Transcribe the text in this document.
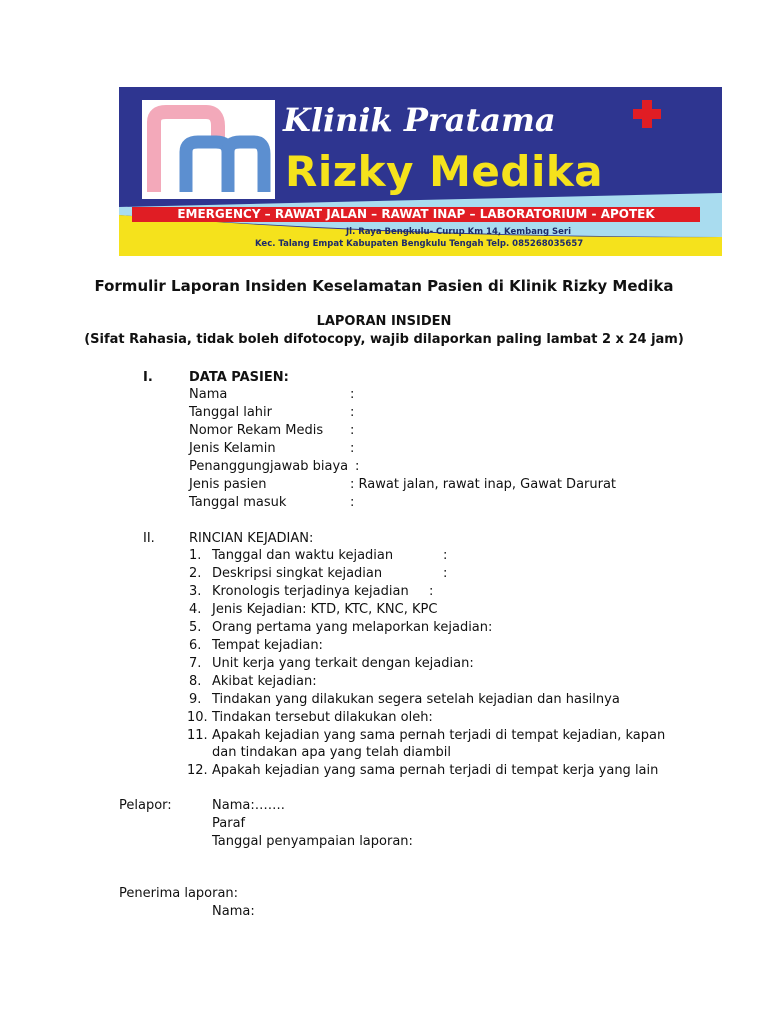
Klinik Pratama
Rizky Medika
EMERGENCY – RAWAT JALAN – RAWAT INAP – LABORATORIUM - APOTEK
Jl. Raya Bengkulu- Curup Km 14, Kembang Seri
Kec. Talang Empat Kabupaten Bengkulu Tengah Telp. 085268035657
Formulir Laporan Insiden Keselamatan Pasien di Klinik Rizky Medika
LAPORAN INSIDEN
(Sifat Rahasia, tidak boleh difotocopy, wajib dilaporkan paling lambat 2 x 24 jam)
I.	DATA PASIEN:
Nama	:
Tanggal lahir	:
Nomor Rekam Medis :
Jenis Kelamin	:
Penanggungjawab biaya :
Jenis pasien	: Rawat jalan, rawat inap, Gawat Darurat
Tanggal masuk	:
II.	RINCIAN KEJADIAN:
1. Tanggal dan waktu kejadian	:
2. Deskripsi singkat kejadian	:
3. Kronologis terjadinya kejadian :
4. Jenis Kejadian: KTD, KTC, KNC, KPC
5. Orang pertama yang melaporkan kejadian:
6. Tempat kejadian:
7. Unit kerja yang terkait dengan kejadian:
8. Akibat kejadian:
9. Tindakan yang dilakukan segera setelah kejadian dan hasilnya
10. Tindakan tersebut dilakukan oleh:
11. Apakah kejadian yang sama pernah terjadi di tempat kejadian, kapan
dan tindakan apa yang telah diambil
12. Apakah kejadian yang sama pernah terjadi di tempat kerja yang lain
Pelapor:	Nama:…….
Paraf
Tanggal penyampaian laporan:
Penerima laporan:
Nama:
